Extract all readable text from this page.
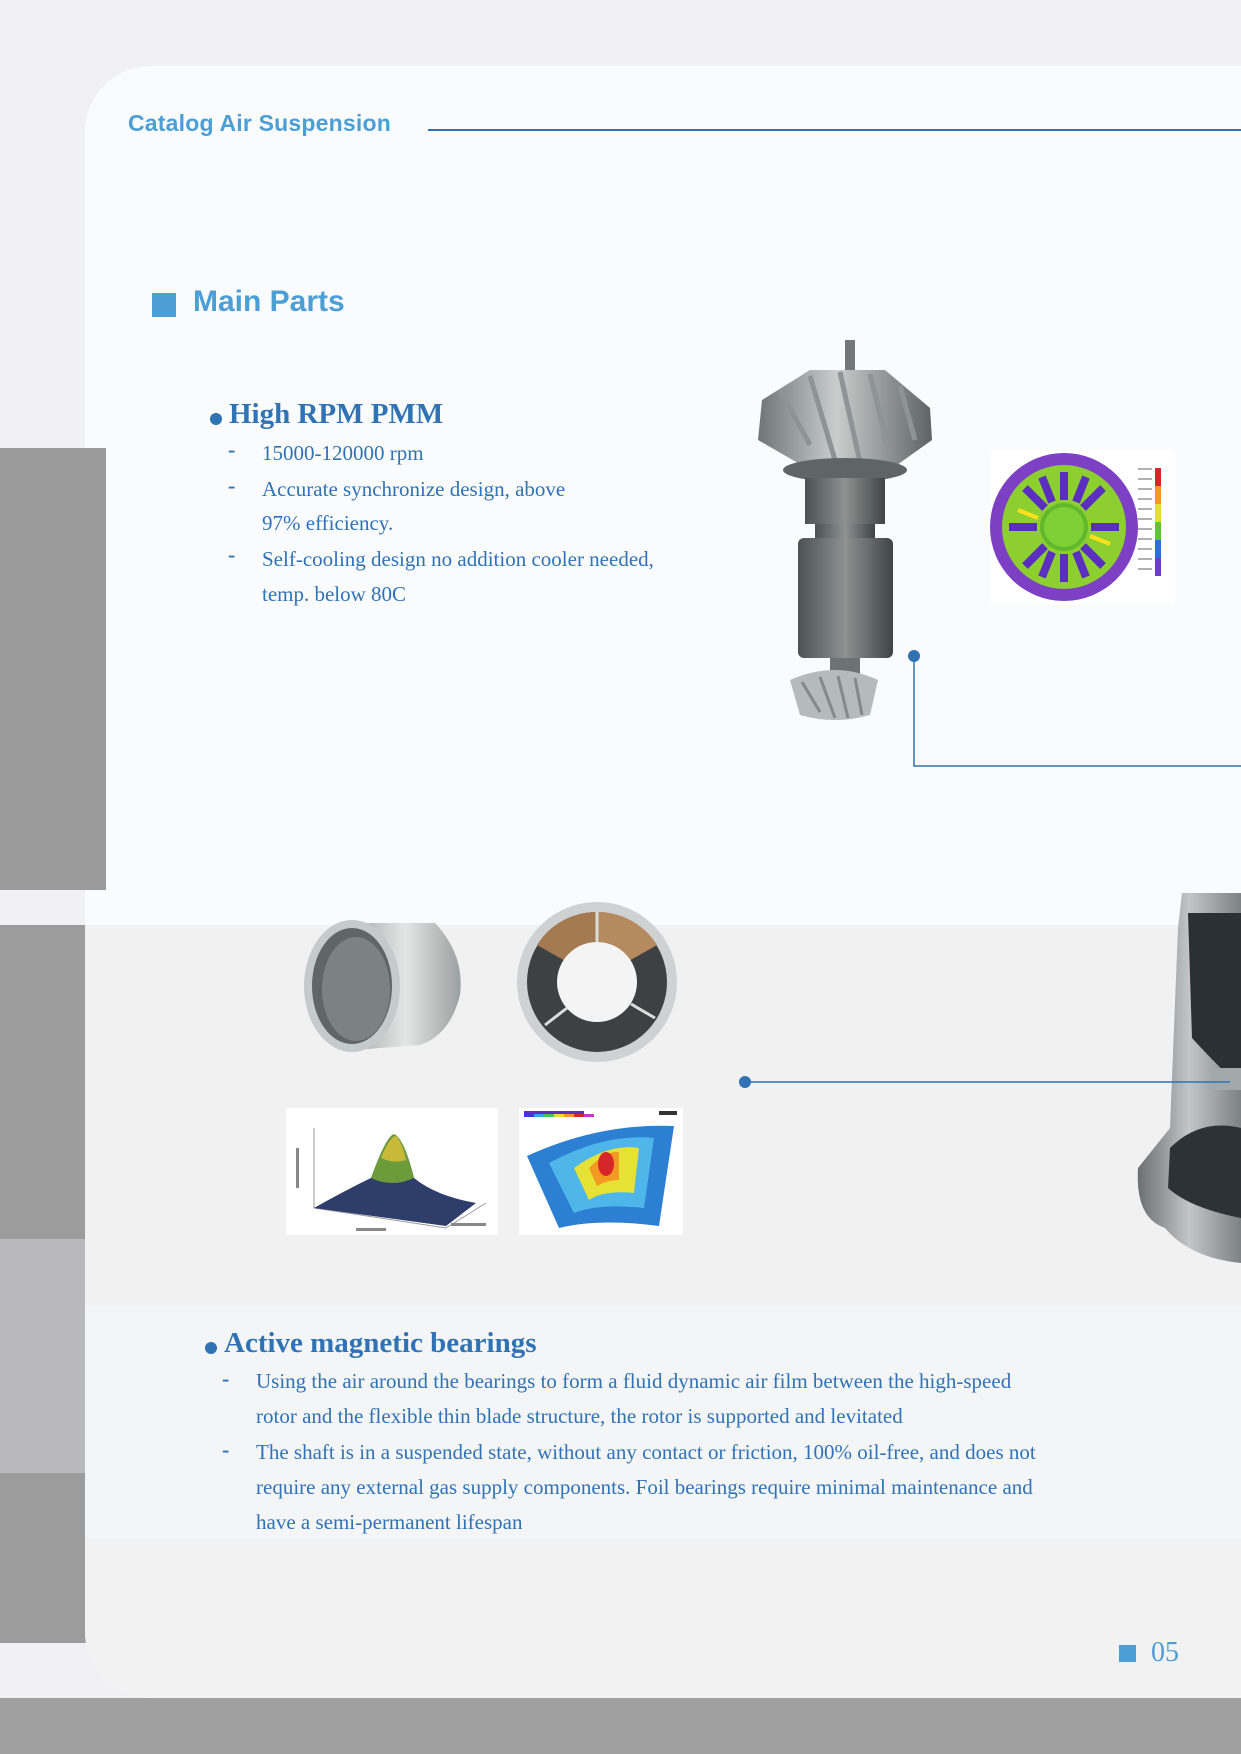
Catalog Air Suspension
Main Parts
High RPM PMM
- 15000-120000 rpm
- Accurate synchronize design, above
97% efficiency.
- Self-cooling design no addition cooler needed,
temp. below 80C
Active magnetic bearings
- Using the air around the bearings to form a fluid dynamic air film between the high-speed
rotor and the flexible thin blade structure, the rotor is supported and levitated
- The shaft is in a suspended state, without any contact or friction, 100% oil-free, and does not
require any external gas supply components. Foil bearings require minimal maintenance and
have a semi-permanent lifespan
05
